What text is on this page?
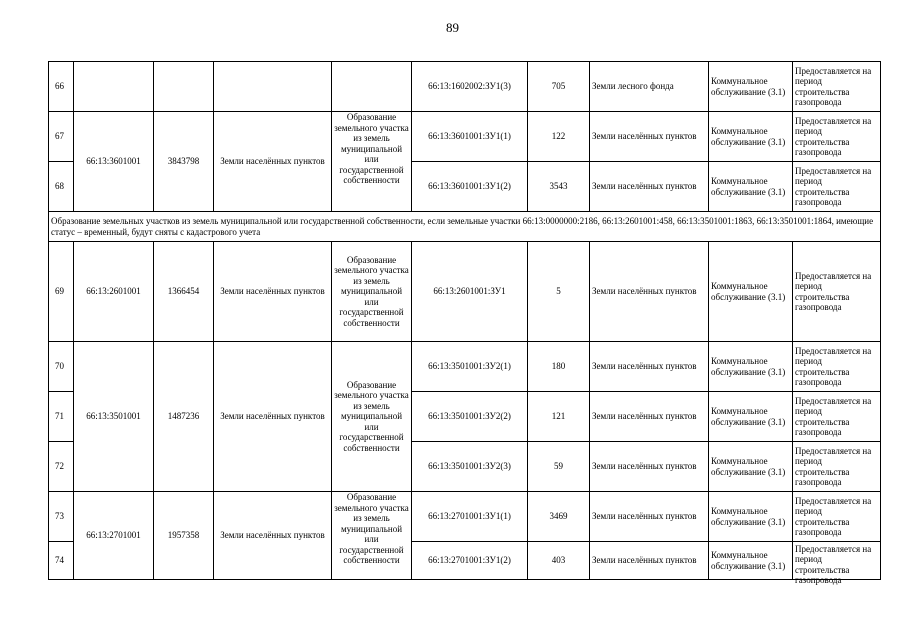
89
66					66:13:1602002:ЗУ1(3)	705	Земли лесного фонда	Коммунальное обслуживание (3.1)	Предоставляется на период строительства газопровода
67	66:13:3601001	3843798	Земли населённых пунктов	Образование земельного участка из земель муниципальной или государственной собственности	66:13:3601001:ЗУ1(1)	122	Земли населённых пунктов	Коммунальное обслуживание (3.1)	Предоставляется на период строительства газопровода
68					66:13:3601001:ЗУ1(2)	3543	Земли населённых пунктов	Коммунальное обслуживание (3.1)	Предоставляется на период строительства газопровода
Образование земельных участков из земель муниципальной или государственной собственности, если земельные участки 66:13:0000000:2186, 66:13:2601001:458, 66:13:3501001:1863, 66:13:3501001:1864, имеющие статус – временный, будут сняты с кадастрового учета									
69	66:13:2601001	1366454	Земли населённых пунктов	Образование земельного участка из земель муниципальной или государственной собственности	66:13:2601001:ЗУ1	5	Земли населённых пунктов	Коммунальное обслуживание (3.1)	Предоставляется на период строительства газопровода
70	66:13:3501001	1487236	Земли населённых пунктов	Образование земельного участка из земель муниципальной или государственной собственности	66:13:3501001:ЗУ2(1)	180	Земли населённых пунктов	Коммунальное обслуживание (3.1)	Предоставляется на период строительства газопровода
71					66:13:3501001:ЗУ2(2)	121	Земли населённых пунктов	Коммунальное обслуживание (3.1)	Предоставляется на период строительства газопровода
72					66:13:3501001:ЗУ2(3)	59	Земли населённых пунктов	Коммунальное обслуживание (3.1)	Предоставляется на период строительства газопровода
73	66:13:2701001	1957358	Земли населённых пунктов	Образование земельного участка из земель муниципальной или государственной собственности	66:13:2701001:ЗУ1(1)	3469	Земли населённых пунктов	Коммунальное обслуживание (3.1)	Предоставляется на период строительства газопровода
74					66:13:2701001:ЗУ1(2)	403	Земли населённых пунктов	Коммунальное обслуживание (3.1)	Предоставляется на период строительства газопровода
